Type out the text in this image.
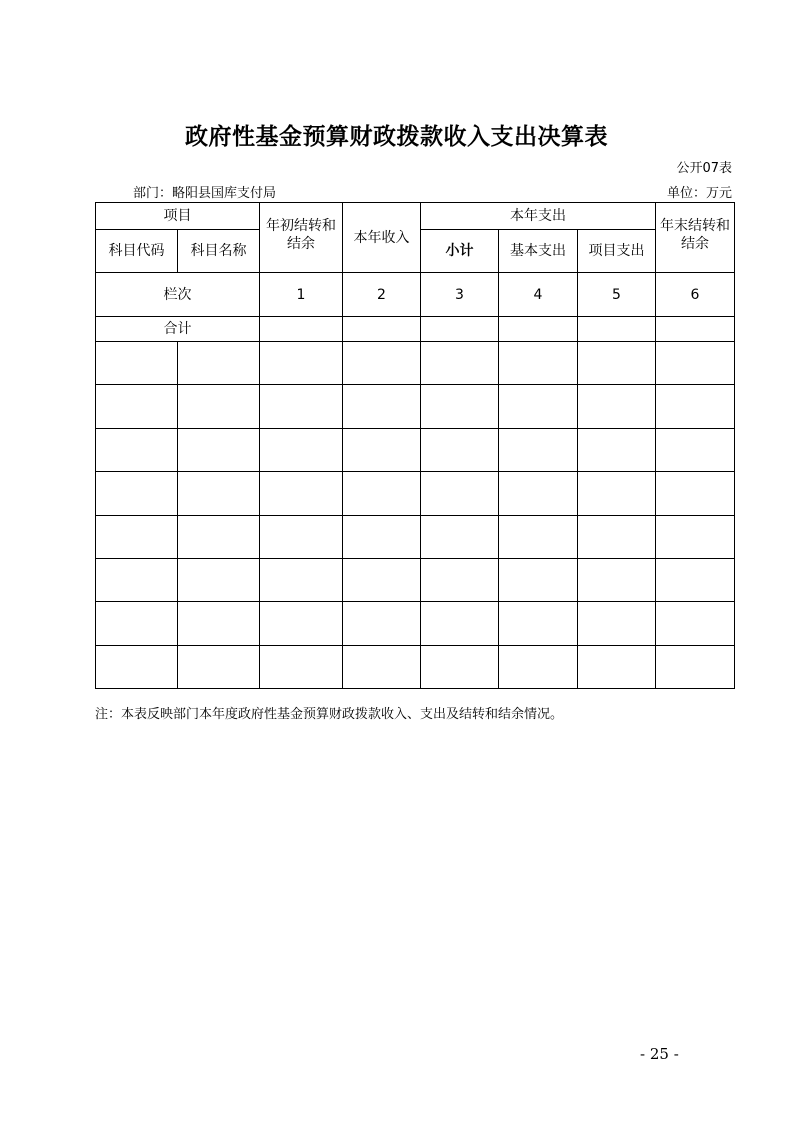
政府性基金预算财政拨款收入支出决算表
公开07表
部门：略阳县国库支付局	单位：万元
项目		年初结转和结余	本年收入	本年支出			年末结转和结余
科目代码	科目名称			小计	基本支出	项目支出	
栏次		1	2	3	4	5	6
合计							

注：本表反映部门本年度政府性基金预算财政拨款收入、支出及结转和结余情况。
- 25 -
